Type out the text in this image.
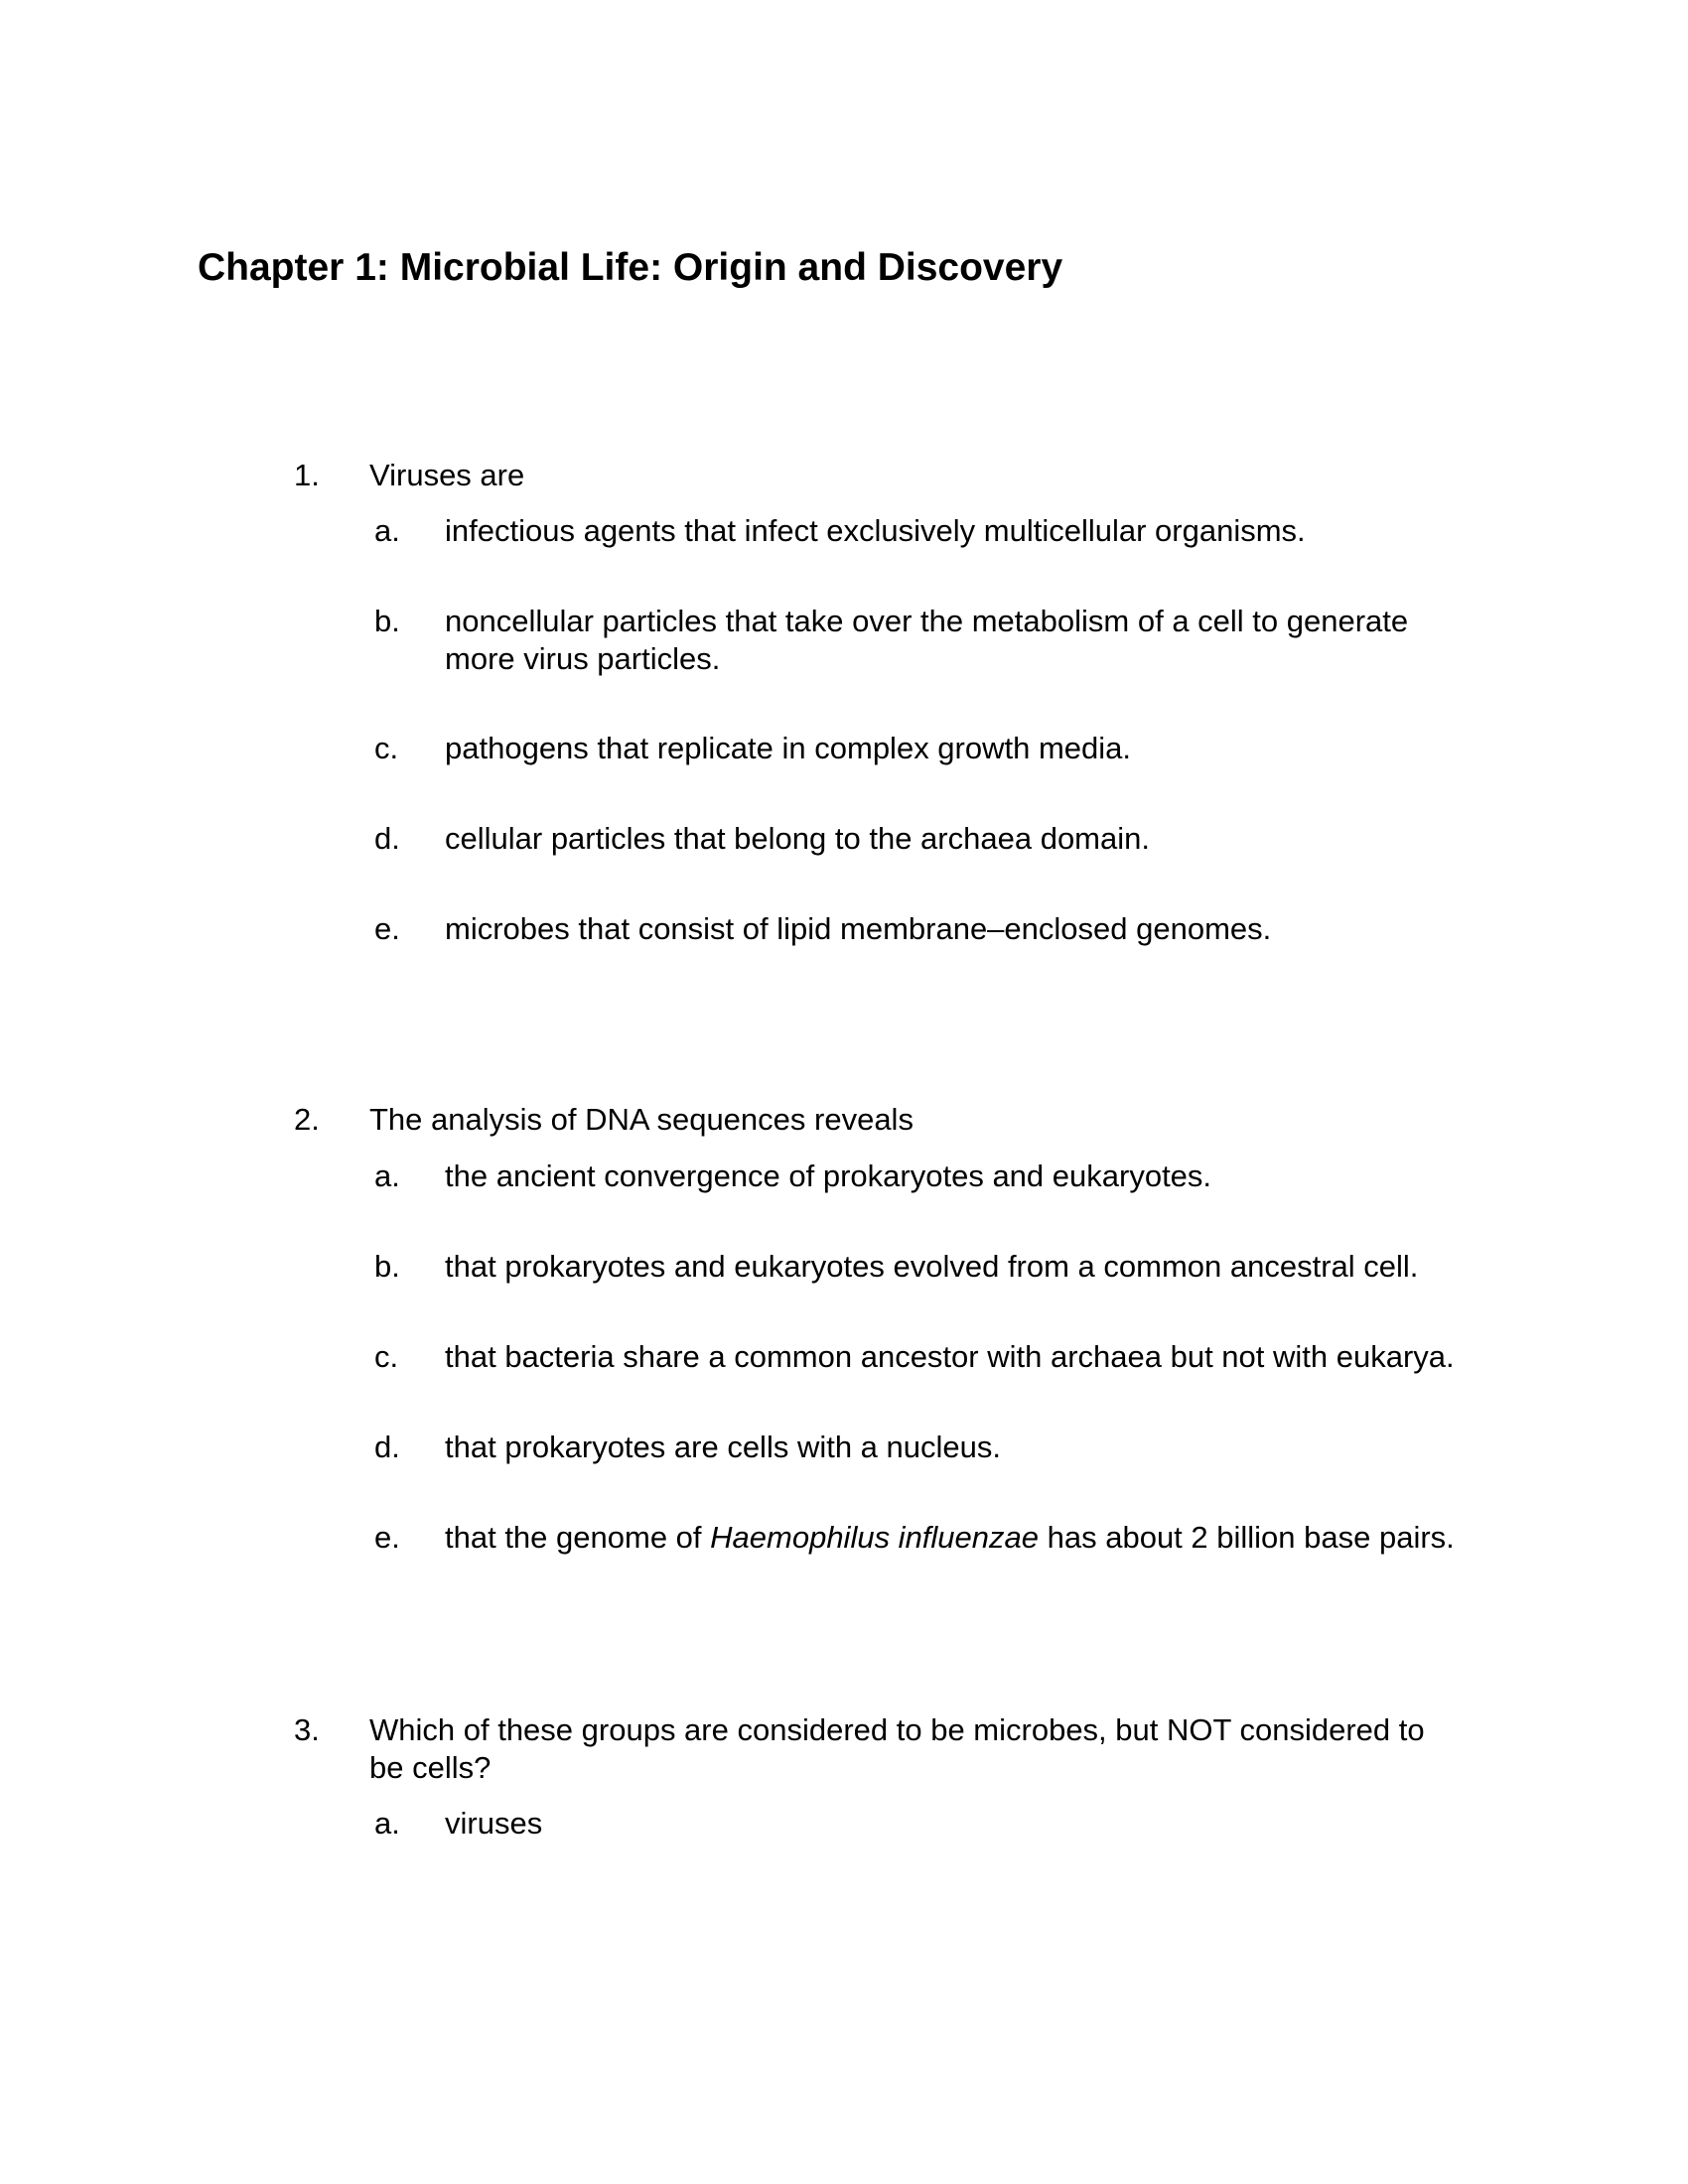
Chapter 1: Microbial Life: Origin and Discovery
1.	Viruses are
a.	infectious agents that infect exclusively multicellular organisms.
b.	noncellular particles that take over the metabolism of a cell to generate more virus particles.
c.	pathogens that replicate in complex growth media.
d.	cellular particles that belong to the archaea domain.
e.	microbes that consist of lipid membrane–enclosed genomes.
2.	The analysis of DNA sequences reveals
a.	the ancient convergence of prokaryotes and eukaryotes.
b.	that prokaryotes and eukaryotes evolved from a common ancestral cell.
c.	that bacteria share a common ancestor with archaea but not with eukarya.
d.	that prokaryotes are cells with a nucleus.
e.	that the genome of Haemophilus influenzae has about 2 billion base pairs.
3.	Which of these groups are considered to be microbes, but NOT considered to be cells?
a.	viruses
